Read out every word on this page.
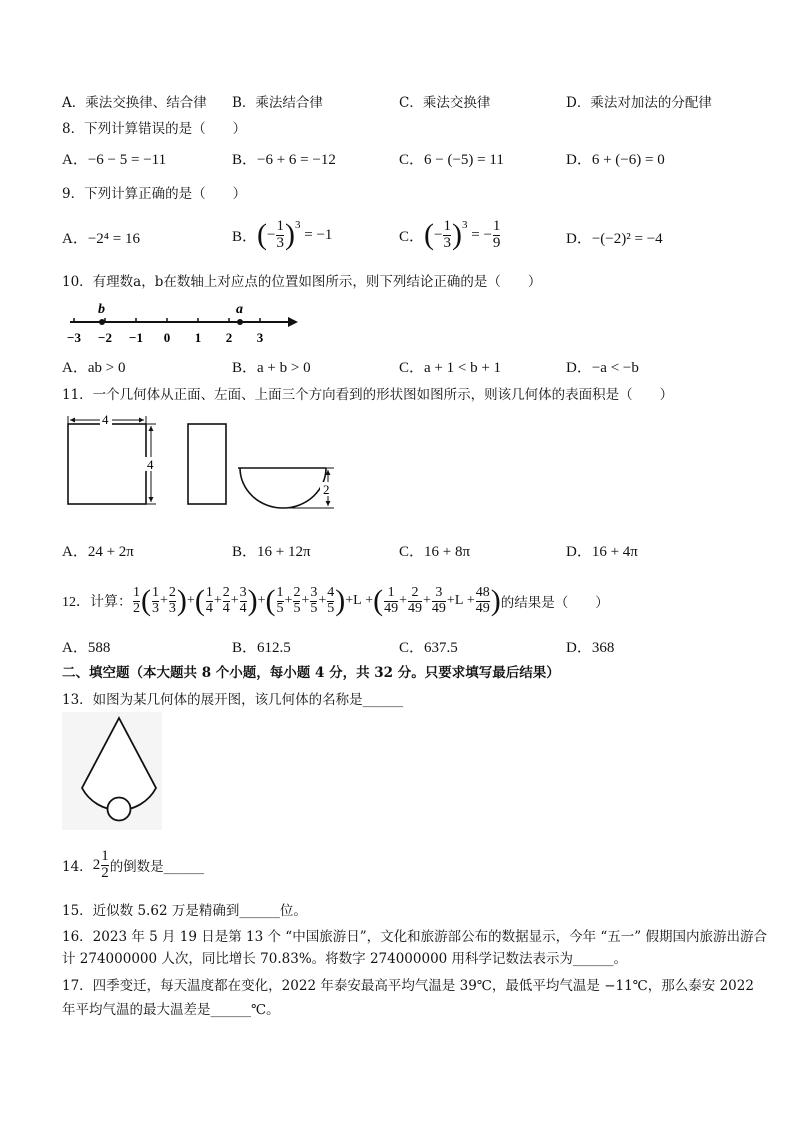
A．乘法交换律、结合律 B．乘法结合律	C．乘法交换律	D．乘法对加法的分配律
8．下列计算错误的是（　　）
A．−6 − 5 = −11	B．−6 + 6 = −12	C．6 − (−5) = 11	D．6 + (−6) = 0
9．下列计算正确的是（　　）
A．−2⁴ = 16	B． ( − $\frac{1}{3} )^3$
= −1	C． ( − $\frac{1}{3} )^3$
= − $\frac{1}{9}$	D．−(−2)² = −4
10．有理数a，b在数轴上对应点的位置如图所示，则下列结论正确的是（　　）
b	a
−3 −2 −1 0 1 2 3
A．ab > 0	B．a + b > 0	C．a + 1 < b + 1	D．−a < −b
11．一个几何体从正面、左面、上面三个方向看到的形状图如图所示，则该几何体的表面积是（　　）
4
4
2
A．24 + 2π	B．16 + 12π	C．16 + 8π	D．16 + 4π
12．计算： $\frac{1}{2}$ ( $\frac{1}{3} + \frac{2}{3}$ ) + ( $\frac{1}{4} + \frac{2}{4} + \frac{3}{4}$ ) + ( $\frac{1}{5} + \frac{2}{5} + \frac{3}{5} + \frac{4}{5}$ ) +L + ( $\frac{1}{49} + \frac{2}{49} + \frac{3}{49} +L + \frac{48}{49}$ ) 的结果是（　　）
A．588	B．612.5	C．637.5	D．368
二、填空题（本大题共 8 个小题，每小题 4 分，共 32 分。只要求填写最后结果）
13．如图为某几何体的展开图，该几何体的名称是______
14． $2 \frac{1}{2}$ 的倒数是______
15．近似数 5.62 万是精确到______位。
16．2023 年 5 月 19 日是第 13 个 “中国旅游日”，文化和旅游部公布的数据显示，今年 “五一” 假期国内旅游出游合
计 274000000 人次，同比增长 70.83%。将数字 274000000 用科学记数法表示为______。
17．四季变迁，每天温度都在变化，2022 年泰安最高平均气温是 39℃，最低平均气温是 −11℃，那么泰安 2022
年平均气温的最大温差是______℃。
